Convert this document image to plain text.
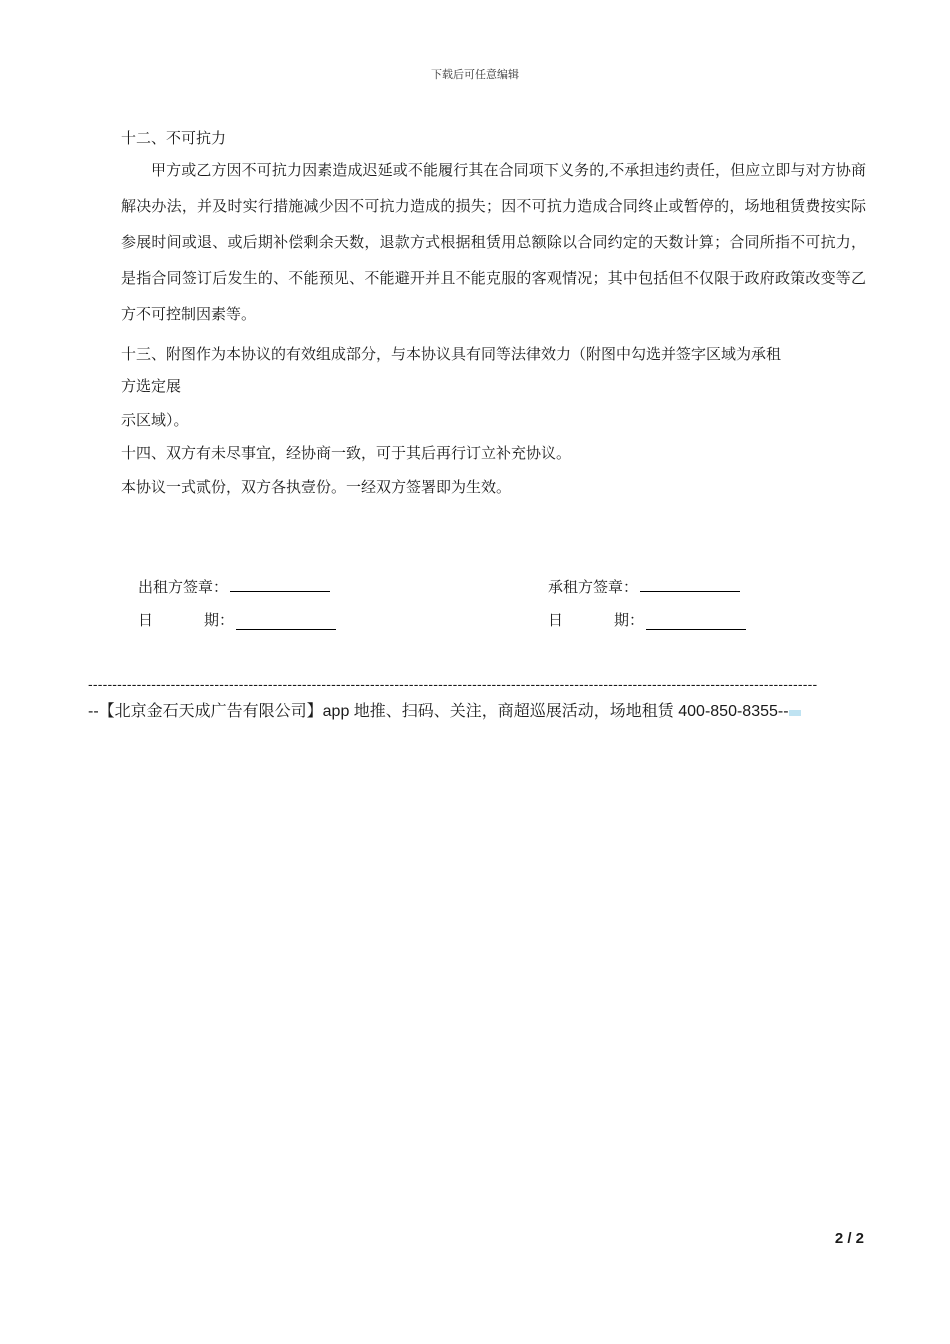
下载后可任意编辑
十二、不可抗力
甲方或乙方因不可抗力因素造成迟延或不能履行其在合同项下义务的,不承担违约责任，但应立即与对方协商解决办法，并及时实行措施减少因不可抗力造成的损失；因不可抗力造成合同终止或暂停的，场地租赁费按实际参展时间或退、或后期补偿剩余天数，退款方式根据租赁用总额除以合同约定的天数计算；合同所指不可抗力，是指合同签订后发生的、不能预见、不能避开并且不能克服的客观情况；其中包括但不仅限于政府政策改变等乙方不可控制因素等。
十三、附图作为本协议的有效组成部分，与本协议具有同等法律效力（附图中勾选并签字区域为承租
方选定展
示区域）。
十四、双方有未尽事宜，经协商一致，可于其后再行订立补充协议。
本协议一式贰份，双方各执壹份。一经双方签署即为生效。
出租方签章：	承租方签章：
日	期：	日	期：
------------------------------------------------------------------------------------------------------------------------------------------------------
--【北京金石天成广告有限公司】app 地推、扫码、关注，商超巡展活动，场地租赁 400-850-8355--
2 / 2
